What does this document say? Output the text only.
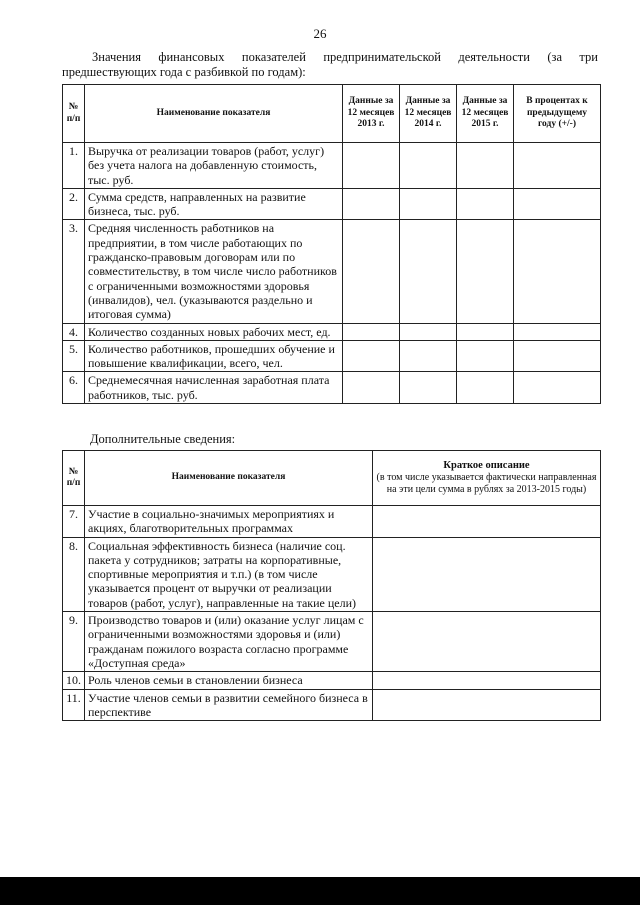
26
Значения финансовых показателей предпринимательской деятельности (за три предшествующих года с разбивкой по годам):
№ п/п	Наименование показателя	Данные за 12 месяцев 2013 г.	Данные за 12 месяцев 2014 г.	Данные за 12 месяцев 2015 г.	В процентах к предыдущему году (+/-)
1.	Выручка от реализации товаров (работ, услуг) без учета налога на добавленную стоимость, тыс. руб.				
2.	Сумма средств, направленных на развитие бизнеса, тыс. руб.				
3.	Средняя численность работников на предприятии, в том числе работающих по гражданско-правовым договорам или по совместительству, в том числе число работников с ограниченными возможностями здоровья (инвалидов), чел. (указываются раздельно и итоговая сумма)				
4.	Количество созданных новых рабочих мест, ед.				
5.	Количество работников, прошедших обучение и повышение квалификации, всего, чел.				
6.	Среднемесячная начисленная заработная плата работников, тыс. руб.				
Дополнительные сведения:
№ п/п	Наименование показателя	Краткое описание
(в том числе указывается фактически направленная на эти цели сумма в рублях за 2013-2015 годы)
7.	Участие в социально-значимых мероприятиях и акциях, благотворительных программах	
8.	Социальная эффективность бизнеса (наличие соц. пакета у сотрудников; затраты на корпоративные, спортивные мероприятия и т.п.) (в том числе указывается процент от выручки от реализации товаров (работ, услуг), направленные на такие цели)	
9.	Производство товаров и (или) оказание услуг лицам с ограниченными возможностями здоровья и (или) гражданам пожилого возраста согласно программе «Доступная среда»	
10.	Роль членов семьи в становлении бизнеса	
11.	Участие членов семьи в развитии семейного бизнеса в перспективе	
